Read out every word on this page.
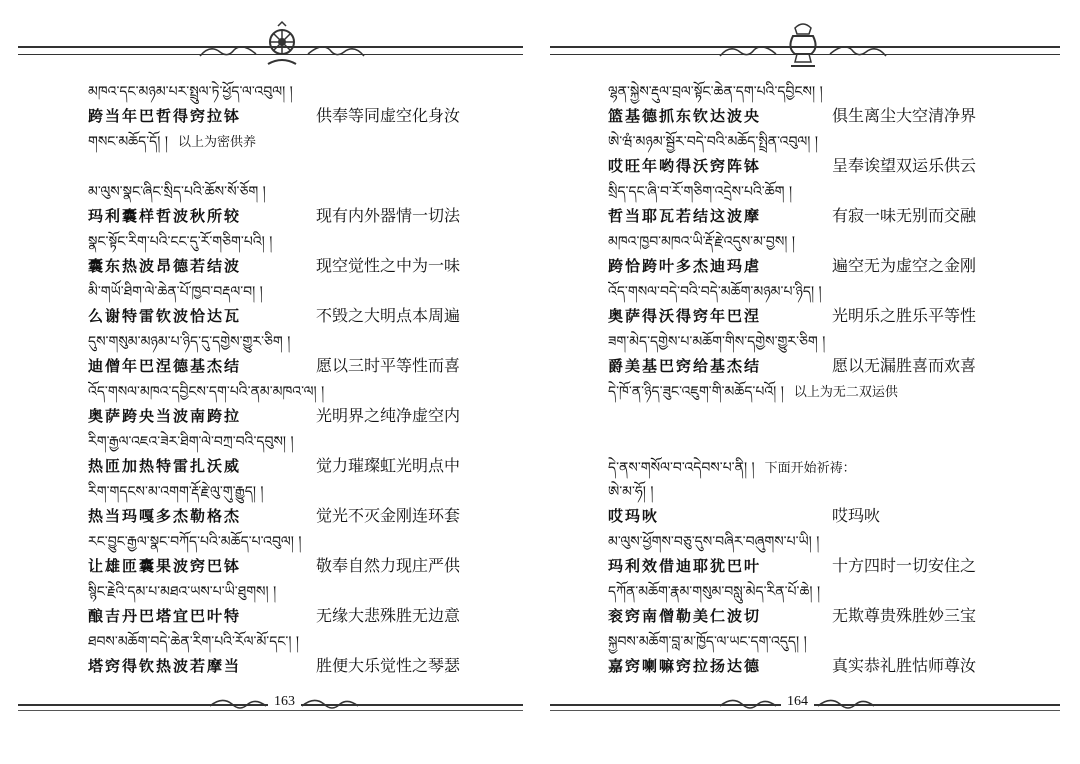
མཁའ་དང་མཉམ་པར་སྤྲུལ་ཏེ་ཕྱོད་ལ་འབུལ། །
跨当年巴哲得窍拉钵	供奉等同虚空化身汝
གསང་མཆོད་དོ། ། 以上为密供养
མ་ལུས་སྣང་ཞིང་སྲིད་པའི་ཆོས་སོ་ཅོག །
玛利囊样哲波秋所较	现有内外器情一切法
སྣང་སྟོང་རིག་པའི་ངང་དུ་རོ་གཅིག་པའི། །
囊东热波昂德若结波	现空觉性之中为一味
མི་གཡོ་ཐིག་ལེ་ཆེན་པོ་ཁྱབ་བརྡལ་བ། །
么谢特雷钦波恰达瓦	不毁之大明点本周遍
དུས་གསུམ་མཉམ་པ་ཉིད་དུ་དགྱེས་གྱུར་ཅིག །
迪僧年巴涅德基杰结	愿以三时平等性而喜
འོད་གསལ་མཁའ་དབྱིངས་དག་པའི་ནམ་མཁའ་ལ། །
奥萨跨央当波南跨拉	光明界之纯净虚空内
རིག་རྒྱལ་འཇའ་ཟེར་ཐིག་ལེ་བཀྲ་བའི་དབུས། །
热匝加热特雷扎沃威	觉力璀璨虹光明点中
རིག་གདངས་མ་འགག་རྡོ་རྗེ་ལུ་གུ་རྒྱུད། །
热当玛嘎多杰勒格杰	觉光不灭金刚连环套
རང་བྱུང་རྒྱལ་སྣང་བཀོད་པའི་མཆོད་པ་འབུལ། །
让雄匝囊果波窍巴钵	敬奉自然力现庄严供
སྙིང་རྗེའི་དམ་པ་མཐའ་ཡས་པ་ཡི་ཐུགས། །
酿吉丹巴塔宜巴叶特	无缘大悲殊胜无边意
ཐབས་མཆོག་བདེ་ཆེན་རིག་པའི་རོལ་མོ་དང་། །
塔窍得钦热波若摩当	胜便大乐觉性之琴瑟
163
ལྷན་སྐྱེས་རྡུལ་བྲལ་སྟོང་ཆེན་དག་པའི་དབྱིངས། །
篮基德抓东钦达波央	俱生离尘大空清净界
ཨེ་ཝཾ་མཉམ་སྦྱོར་བདེ་བའི་མཆོད་སྤྲིན་འབུལ། །
哎旺年哟得沃窍阵钵	呈奉诶望双运乐供云
སྲིད་དང་ཞི་བ་རོ་གཅིག་འདྲེས་པའི་ཆོག །
哲当耶瓦若结这波摩	有寂一味无别而交融
མཁའ་ཁྱབ་མཁའ་ཡི་རྡོ་རྗེ་འདུས་མ་བྱས། །
跨恰跨叶多杰迪玛虐	遍空无为虚空之金刚
འོད་གསལ་བདེ་བའི་བདེ་མཆོག་མཉམ་པ་ཉིད། །
奥萨得沃得窍年巴涅	光明乐之胜乐平等性
ཟག་མེད་དགྱེས་པ་མཆོག་གིས་དགྱེས་གྱུར་ཅིག །
爵美基巴窍给基杰结	愿以无漏胜喜而欢喜
དེ་ཁོ་ན་ཉིད་ཟུང་འཇུག་གི་མཆོད་པའོ། ། 以上为无二双运供
དེ་ནས་གསོལ་བ་འདེབས་པ་ནི། ། 下面开始祈祷：
ཨེ་མ་ཧོ། །
哎玛吙	哎玛吙
མ་ལུས་ཕྱོགས་བཅུ་དུས་བཞིར་བཞུགས་པ་ཡི། །
玛利效借迪耶犹巴叶	十方四时一切安住之
དཀོན་མཆོག་རྣམ་གསུམ་བསླུ་མེད་རིན་པོ་ཆེ། །
衮窍南僧勒美仁波切	无欺尊贵殊胜妙三宝
སྐྱབས་མཆོག་བླ་མ་ཁྱོད་ལ་ཡང་དག་འདུད། །
嘉窍喇嘛窍拉扬达德	真实恭礼胜怙师尊汝
164
